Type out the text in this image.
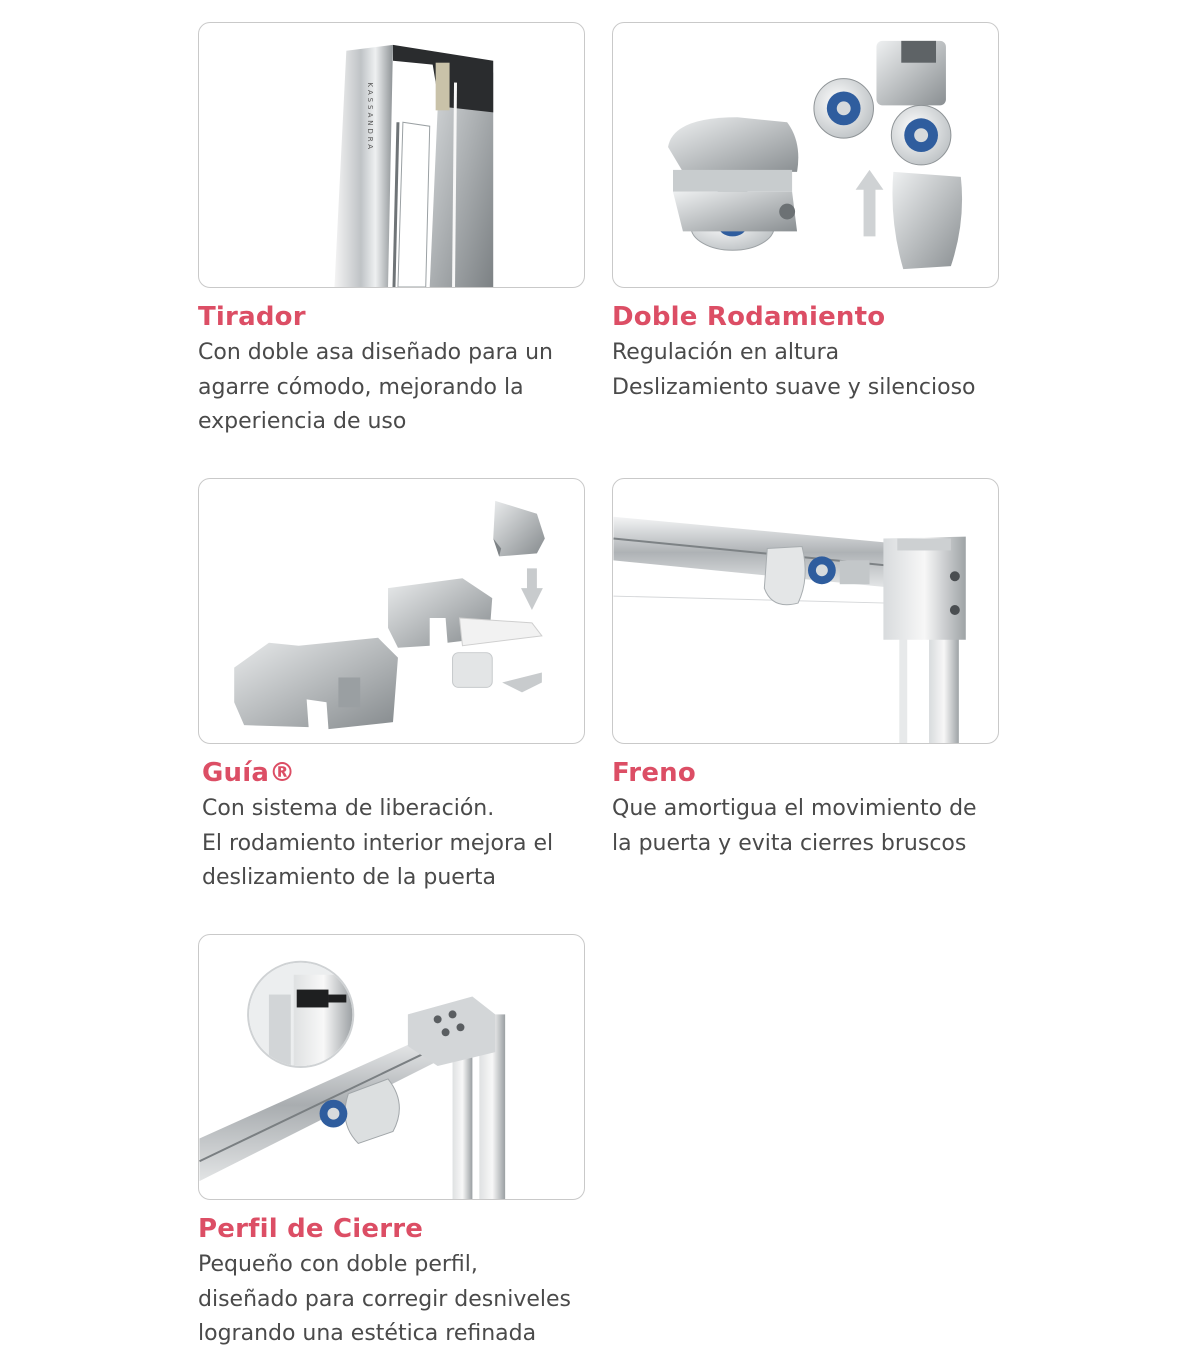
KASSANDRA
Tirador
Con doble asa diseñado para un
agarre cómodo, mejorando la
experiencia de uso
Doble Rodamiento
Regulación en altura
Deslizamiento suave y silencioso
Guía®
Con sistema de liberación.
El rodamiento interior mejora el
deslizamiento de la puerta
Freno
Que amortigua el movimiento de
la puerta y evita cierres bruscos
Perfil de Cierre
Pequeño con doble perfil,
diseñado para corregir desniveles
logrando una estética refinada
